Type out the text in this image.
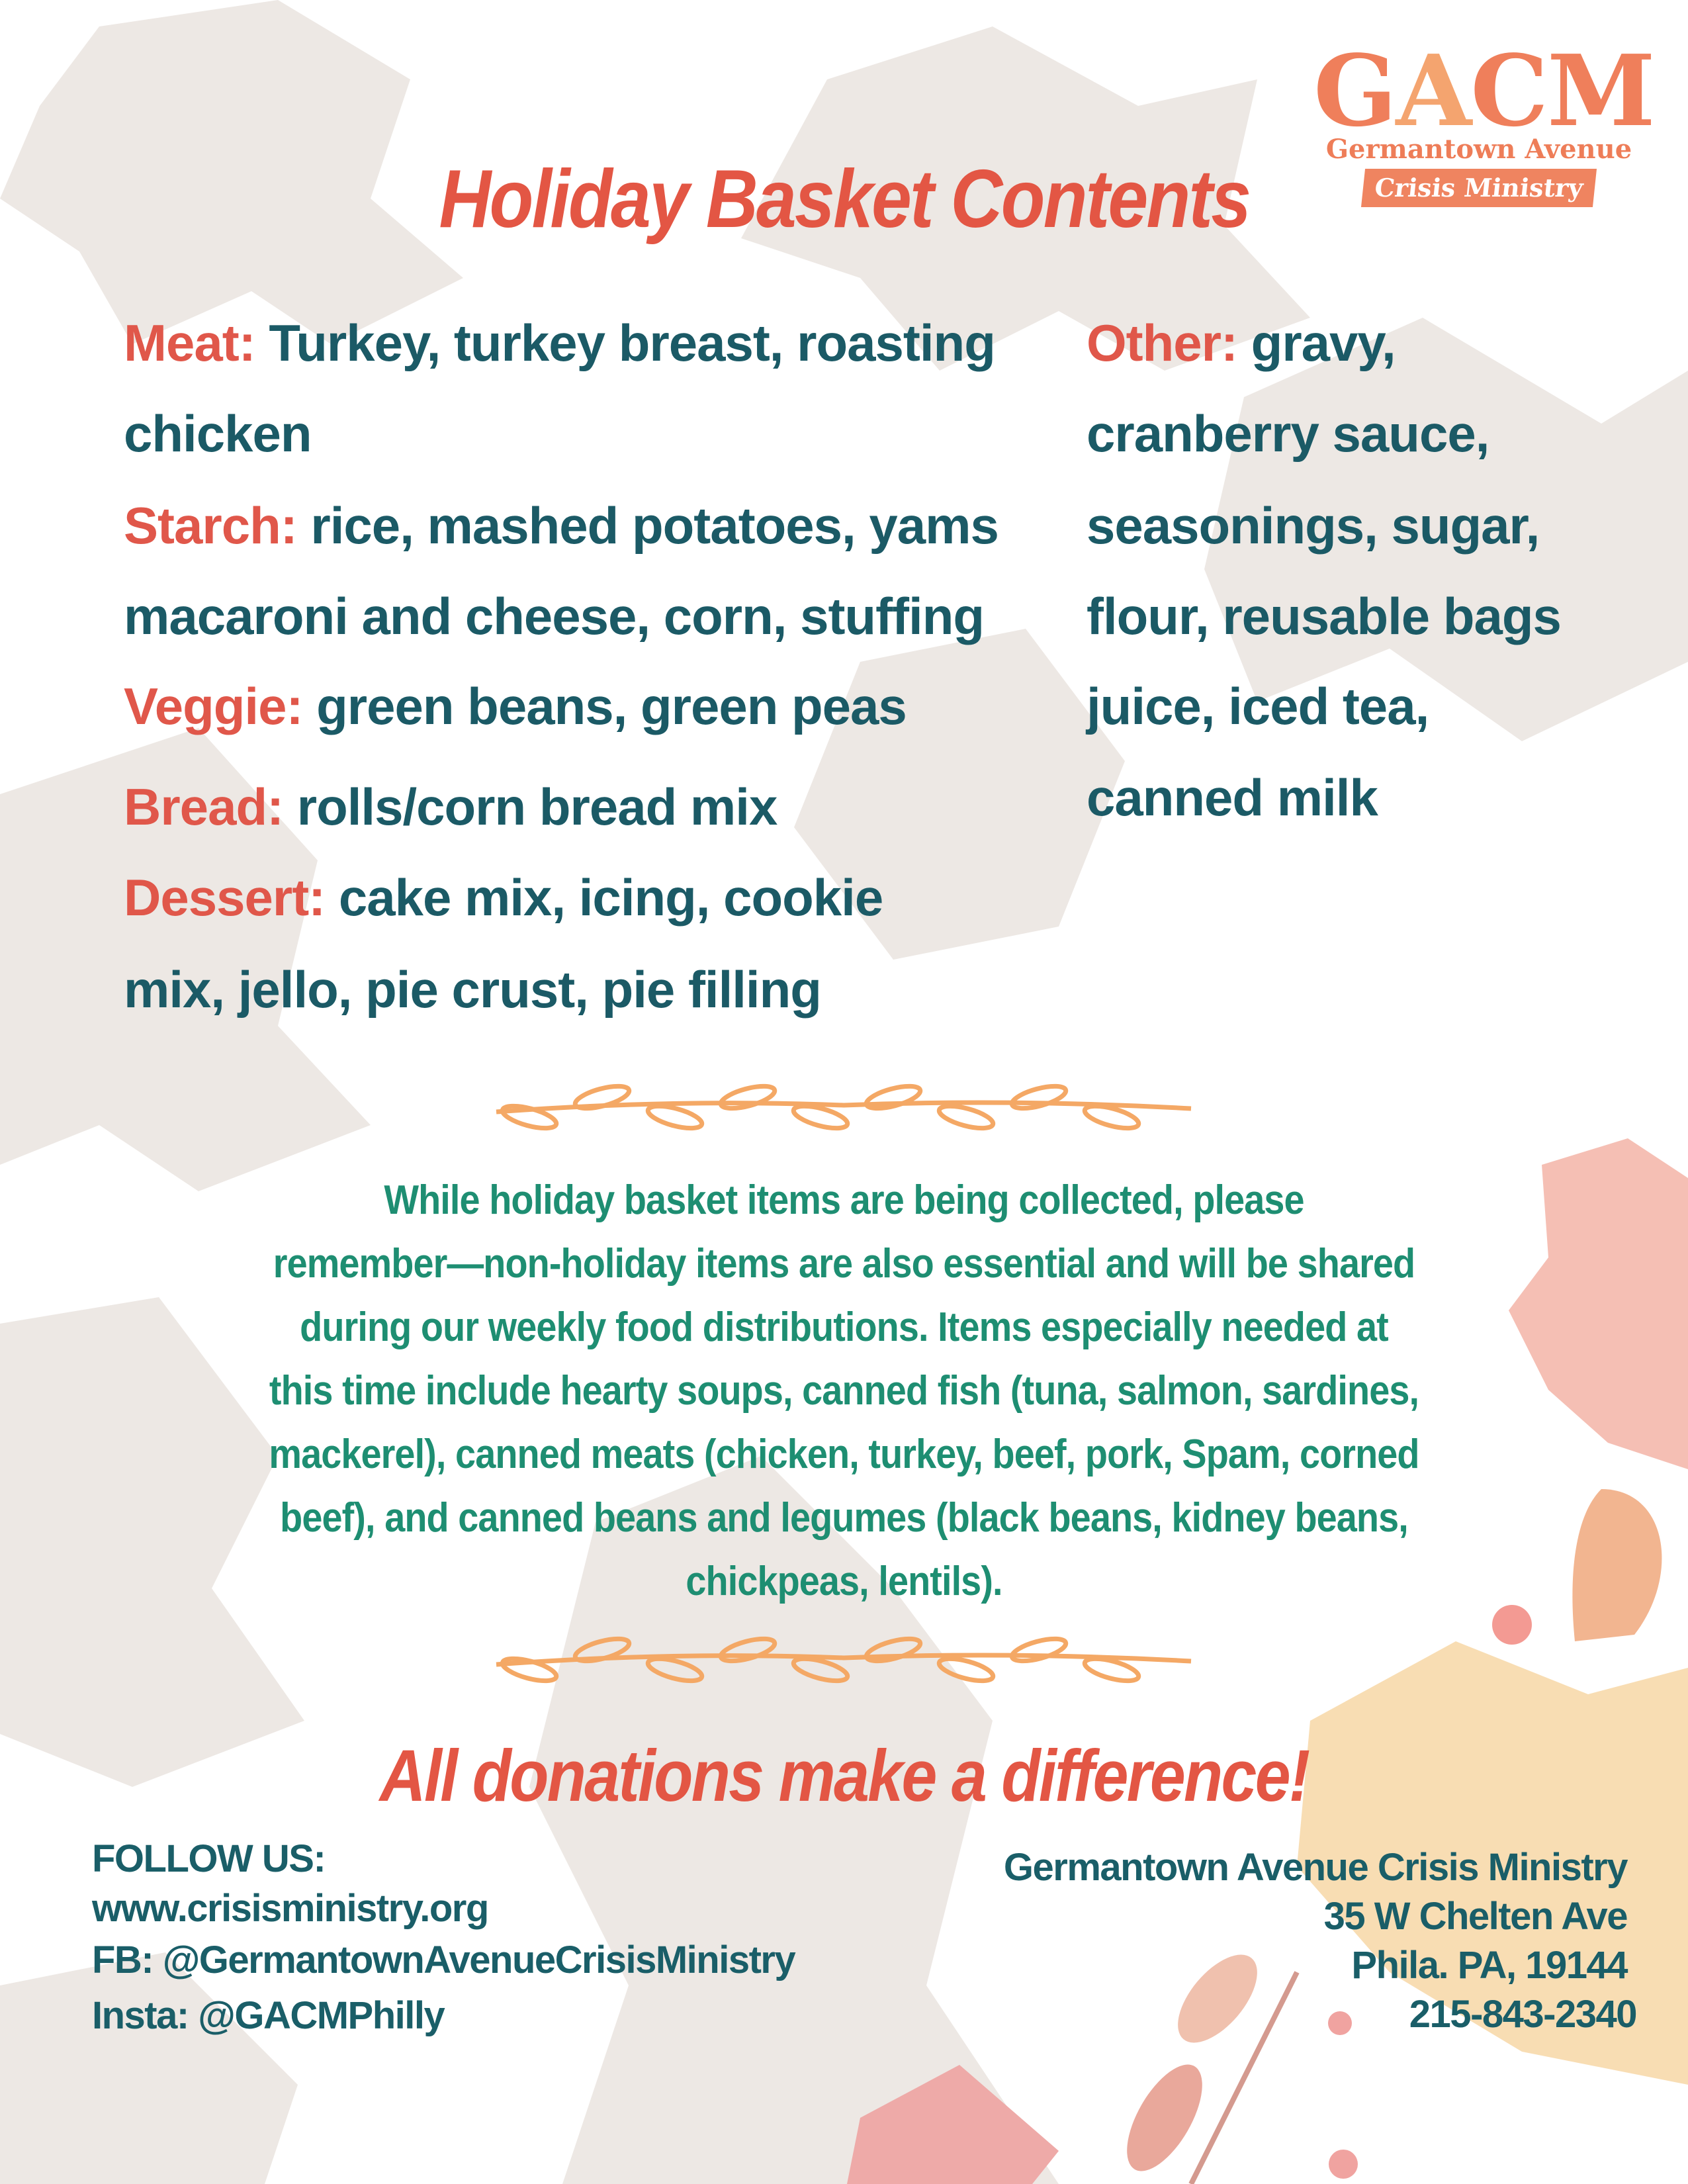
GACM
Germantown Avenue
Crisis Ministry
Holiday Basket Contents
Meat: Turkey, turkey breast, roasting
chicken
Starch: rice, mashed potatoes, yams
macaroni and cheese, corn, stuffing
Veggie: green beans, green peas
Bread: rolls/corn bread mix
Dessert: cake mix, icing, cookie
mix, jello, pie crust, pie filling
Other: gravy,
cranberry sauce,
seasonings, sugar,
flour, reusable bags
juice, iced tea,
canned milk
While holiday basket items are being collected, please
remember—non-holiday items are also essential and will be shared
during our weekly food distributions. Items especially needed at
this time include hearty soups, canned fish (tuna, salmon, sardines,
mackerel), canned meats (chicken, turkey, beef, pork, Spam, corned
beef), and canned beans and legumes (black beans, kidney beans,
chickpeas, lentils).
All donations make a difference!
FOLLOW US:
www.crisisministry.org
FB: @GermantownAvenueCrisisMinistry
Insta: @GACMPhilly
Germantown Avenue Crisis Ministry
35 W Chelten Ave
Phila. PA, 19144
215-843-2340
